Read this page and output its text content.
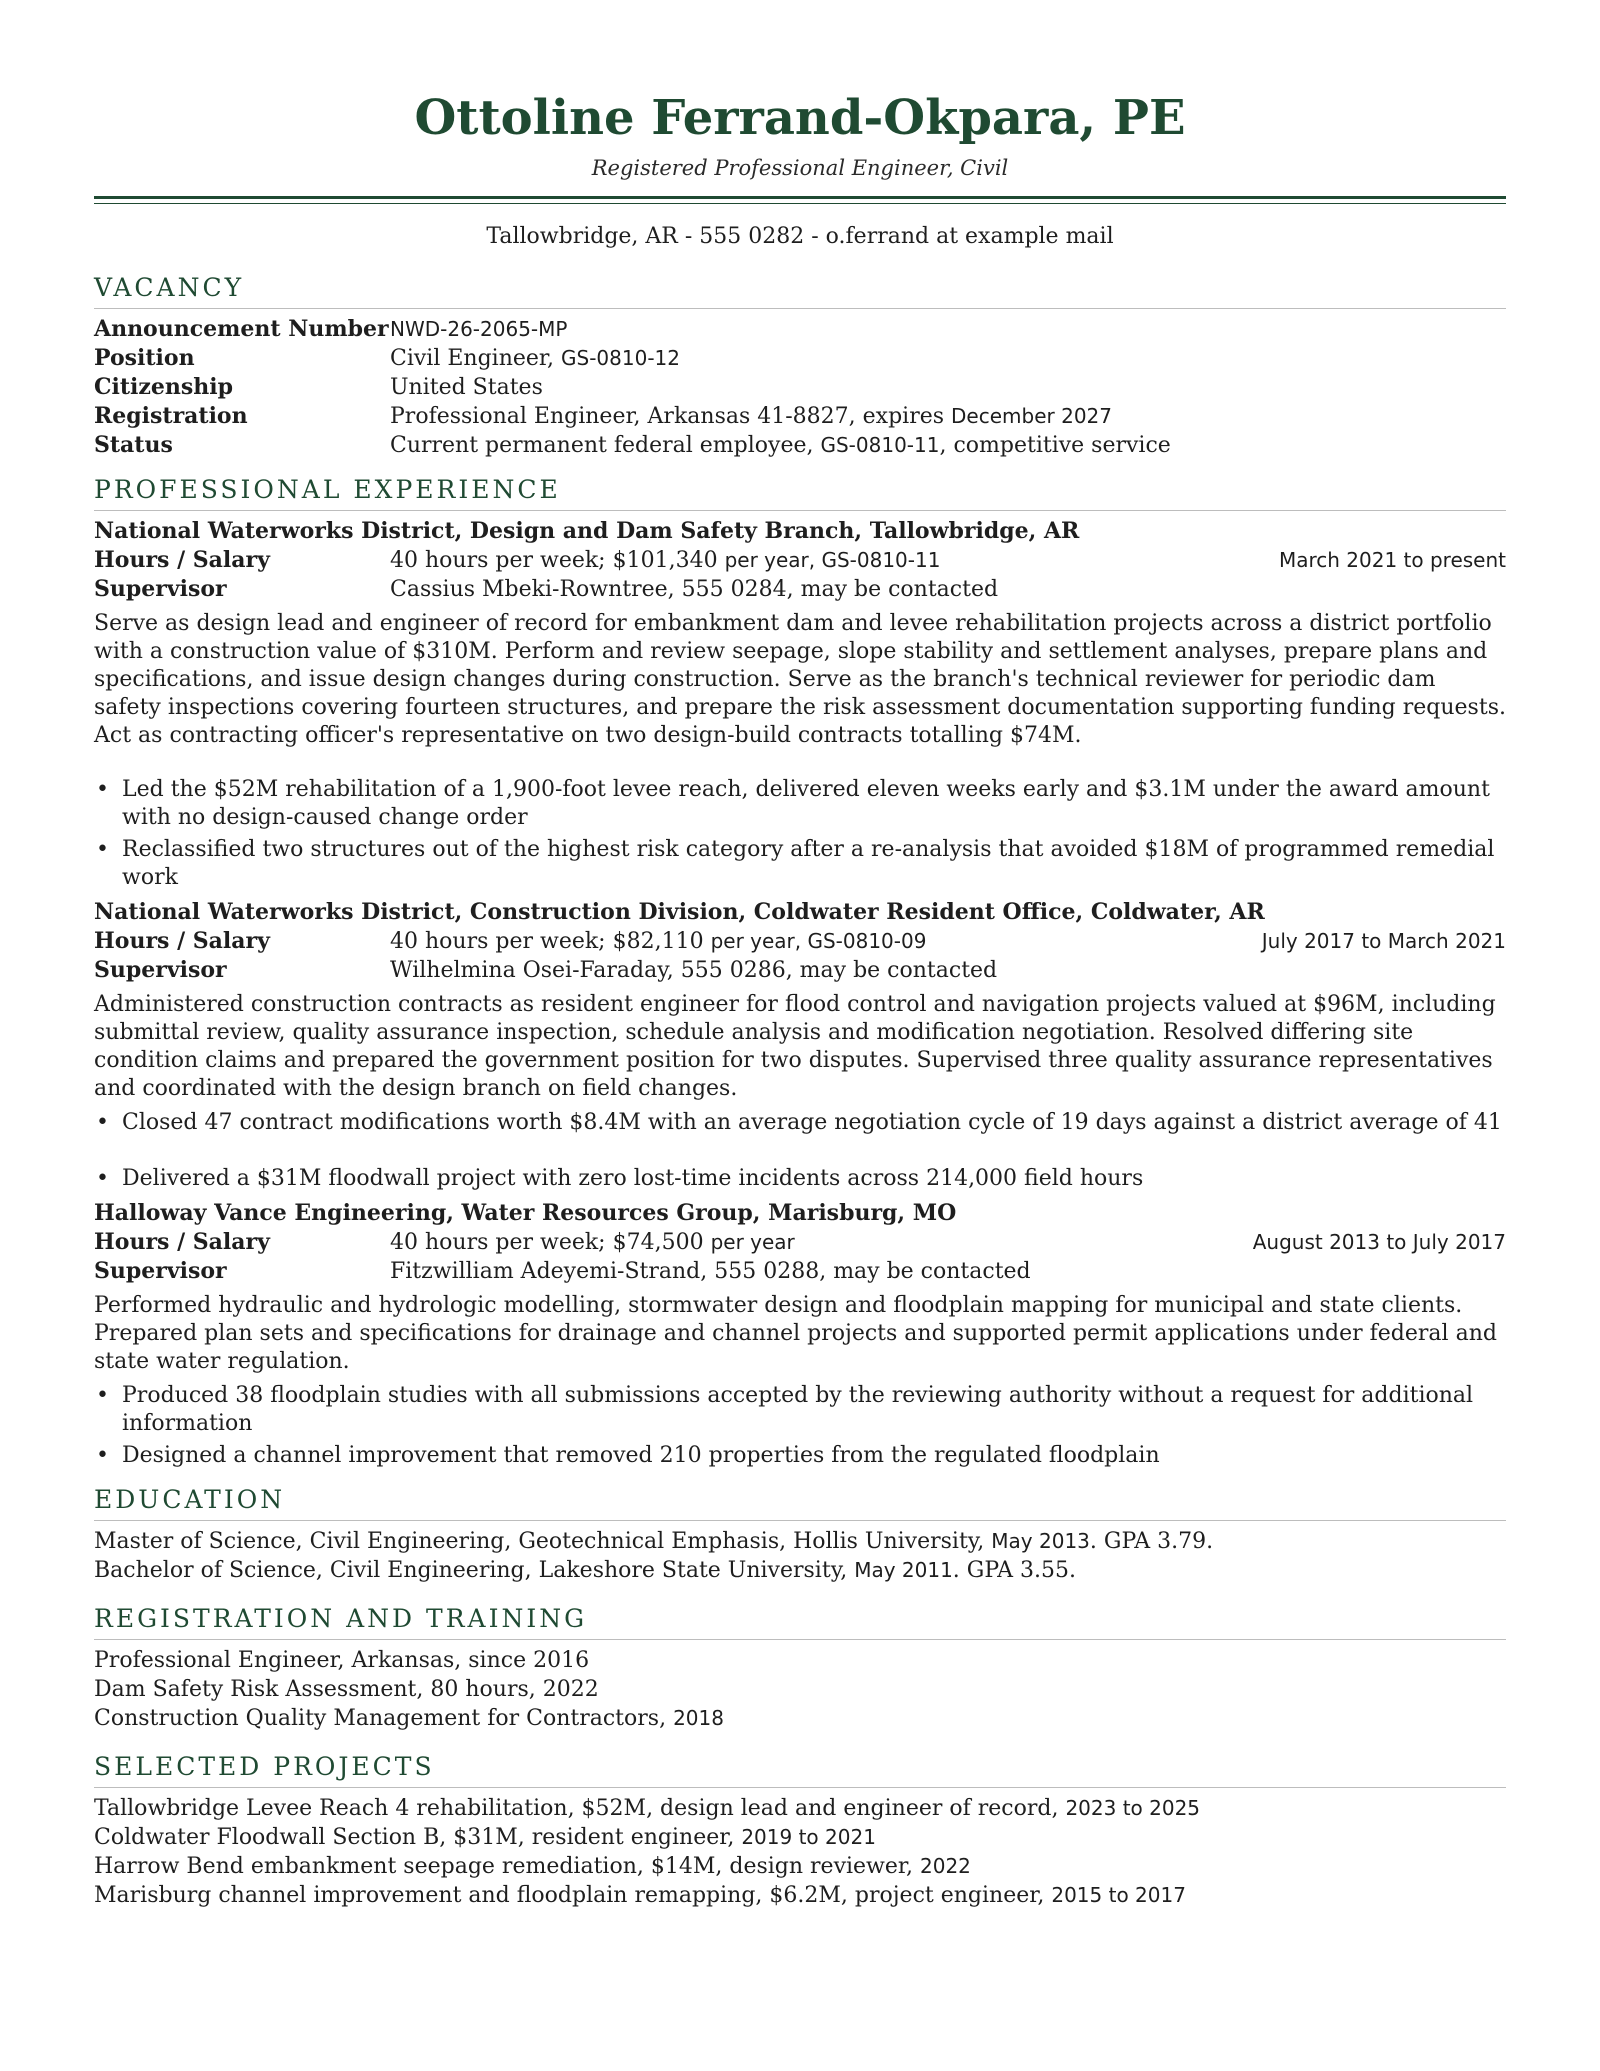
Ottoline Ferrand-Okpara, PE
Registered Professional Engineer, Civil
Tallowbridge, AR - 555 0282 - o.ferrand at example mail
VACANCY
Announcement Number NWD-26-2065-MP
Position	Civil Engineer, GS-0810-12
Citizenship	United States
Registration	Professional Engineer, Arkansas 41-8827, expires December 2027
Status	Current permanent federal employee, GS-0810-11, competitive service
PROFESSIONAL EXPERIENCE
National Waterworks District, Design and Dam Safety Branch, Tallowbridge, AR
Hours / Salary	40 hours per week; $101,340 per year, GS-0810-11	March 2021 to present
Supervisor	Cassius Mbeki-Rowntree, 555 0284, may be contacted
Serve as design lead and engineer of record for embankment dam and levee rehabilitation projects across a district portfolio with a construction value of $310M. Perform and review seepage, slope stability and settlement analyses, prepare plans and specifications, and issue design changes during construction. Serve as the branch's technical reviewer for periodic dam safety inspections covering fourteen structures, and prepare the risk assessment documentation supporting funding requests. Act as contracting officer's representative on two design-build contracts totalling $74M.
• Led the $52M rehabilitation of a 1,900-foot levee reach, delivered eleven weeks early and $3.1M under the award amount with no design-caused change order
• Reclassified two structures out of the highest risk category after a re-analysis that avoided $18M of programmed remedial work
National Waterworks District, Construction Division, Coldwater Resident Office, Coldwater, AR
Hours / Salary	40 hours per week; $82,110 per year, GS-0810-09	July 2017 to March 2021
Supervisor	Wilhelmina Osei-Faraday, 555 0286, may be contacted
Administered construction contracts as resident engineer for flood control and navigation projects valued at $96M, including submittal review, quality assurance inspection, schedule analysis and modification negotiation. Resolved differing site condition claims and prepared the government position for two disputes. Supervised three quality assurance representatives and coordinated with the design branch on field changes.
• Closed 47 contract modifications worth $8.4M with an average negotiation cycle of 19 days against a district average of 41
• Delivered a $31M floodwall project with zero lost-time incidents across 214,000 field hours
Halloway Vance Engineering, Water Resources Group, Marisburg, MO
Hours / Salary	40 hours per week; $74,500 per year	August 2013 to July 2017
Supervisor	Fitzwilliam Adeyemi-Strand, 555 0288, may be contacted
Performed hydraulic and hydrologic modelling, stormwater design and floodplain mapping for municipal and state clients. Prepared plan sets and specifications for drainage and channel projects and supported permit applications under federal and state water regulation.
• Produced 38 floodplain studies with all submissions accepted by the reviewing authority without a request for additional information
• Designed a channel improvement that removed 210 properties from the regulated floodplain
EDUCATION
Master of Science, Civil Engineering, Geotechnical Emphasis, Hollis University, May 2013. GPA 3.79.
Bachelor of Science, Civil Engineering, Lakeshore State University, May 2011. GPA 3.55.
REGISTRATION AND TRAINING
Professional Engineer, Arkansas, since 2016
Dam Safety Risk Assessment, 80 hours, 2022
Construction Quality Management for Contractors, 2018
SELECTED PROJECTS
Tallowbridge Levee Reach 4 rehabilitation, $52M, design lead and engineer of record, 2023 to 2025
Coldwater Floodwall Section B, $31M, resident engineer, 2019 to 2021
Harrow Bend embankment seepage remediation, $14M, design reviewer, 2022
Marisburg channel improvement and floodplain remapping, $6.2M, project engineer, 2015 to 2017
